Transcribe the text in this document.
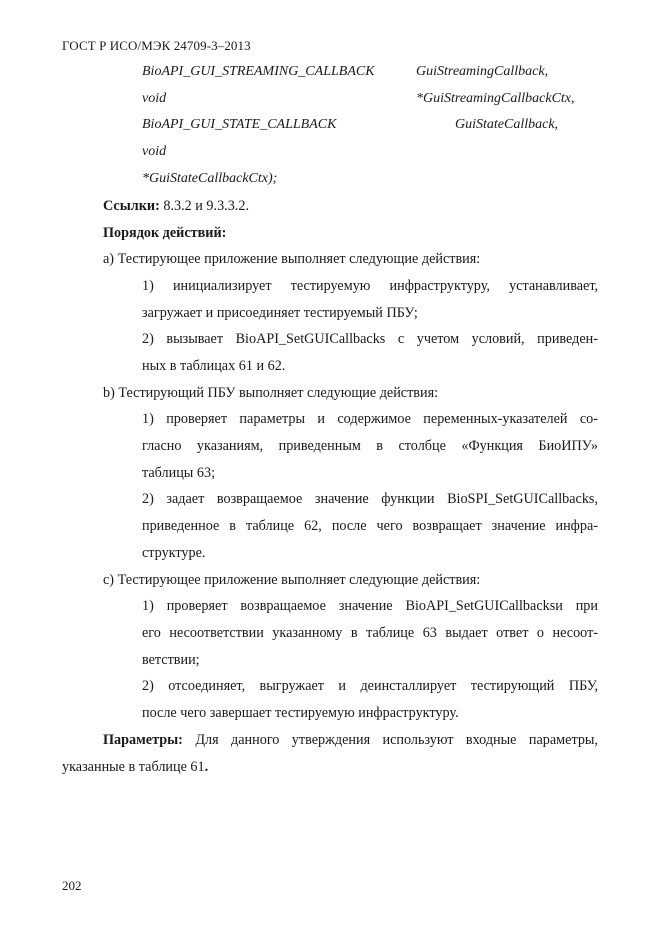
ГОСТ Р ИСО/МЭК 24709-3–2013
BioAPI_GUI_STREAMING_CALLBACK	GuiStreamingCallback,
void	*GuiStreamingCallbackCtx,
BioAPI_GUI_STATE_CALLBACK	GuiStateCallback,
void
*GuiStateCallbackCtx);
Ссылки: 8.3.2 и 9.3.3.2.
Порядок действий:
a) Тестирующее приложение выполняет следующие действия:
1) инициализирует тестируемую инфраструктуру, устанавливает,
загружает и присоединяет тестируемый ПБУ;
2) вызывает BioAPI_SetGUICallbacks с учетом условий, приведен-
ных в таблицах 61 и 62.
b) Тестирующий ПБУ выполняет следующие действия:
1) проверяет параметры и содержимое переменных-указателей со-
гласно указаниям, приведенным в столбце «Функция БиоИПУ»
таблицы 63;
2) задает возвращаемое значение функции BioSPI_SetGUICallbacks,
приведенное в таблице 62, после чего возвращает значение инфра-
структуре.
c) Тестирующее приложение выполняет следующие действия:
1) проверяет возвращаемое значение BioAPI_SetGUICallbacksи при
его несоответствии указанному в таблице 63 выдает ответ о несоот-
ветствии;
2) отсоединяет, выгружает и деинсталлирует тестирующий ПБУ,
после чего завершает тестируемую инфраструктуру.
Параметры: Для данного утверждения используют входные параметры,
указанные в таблице 61.
202
